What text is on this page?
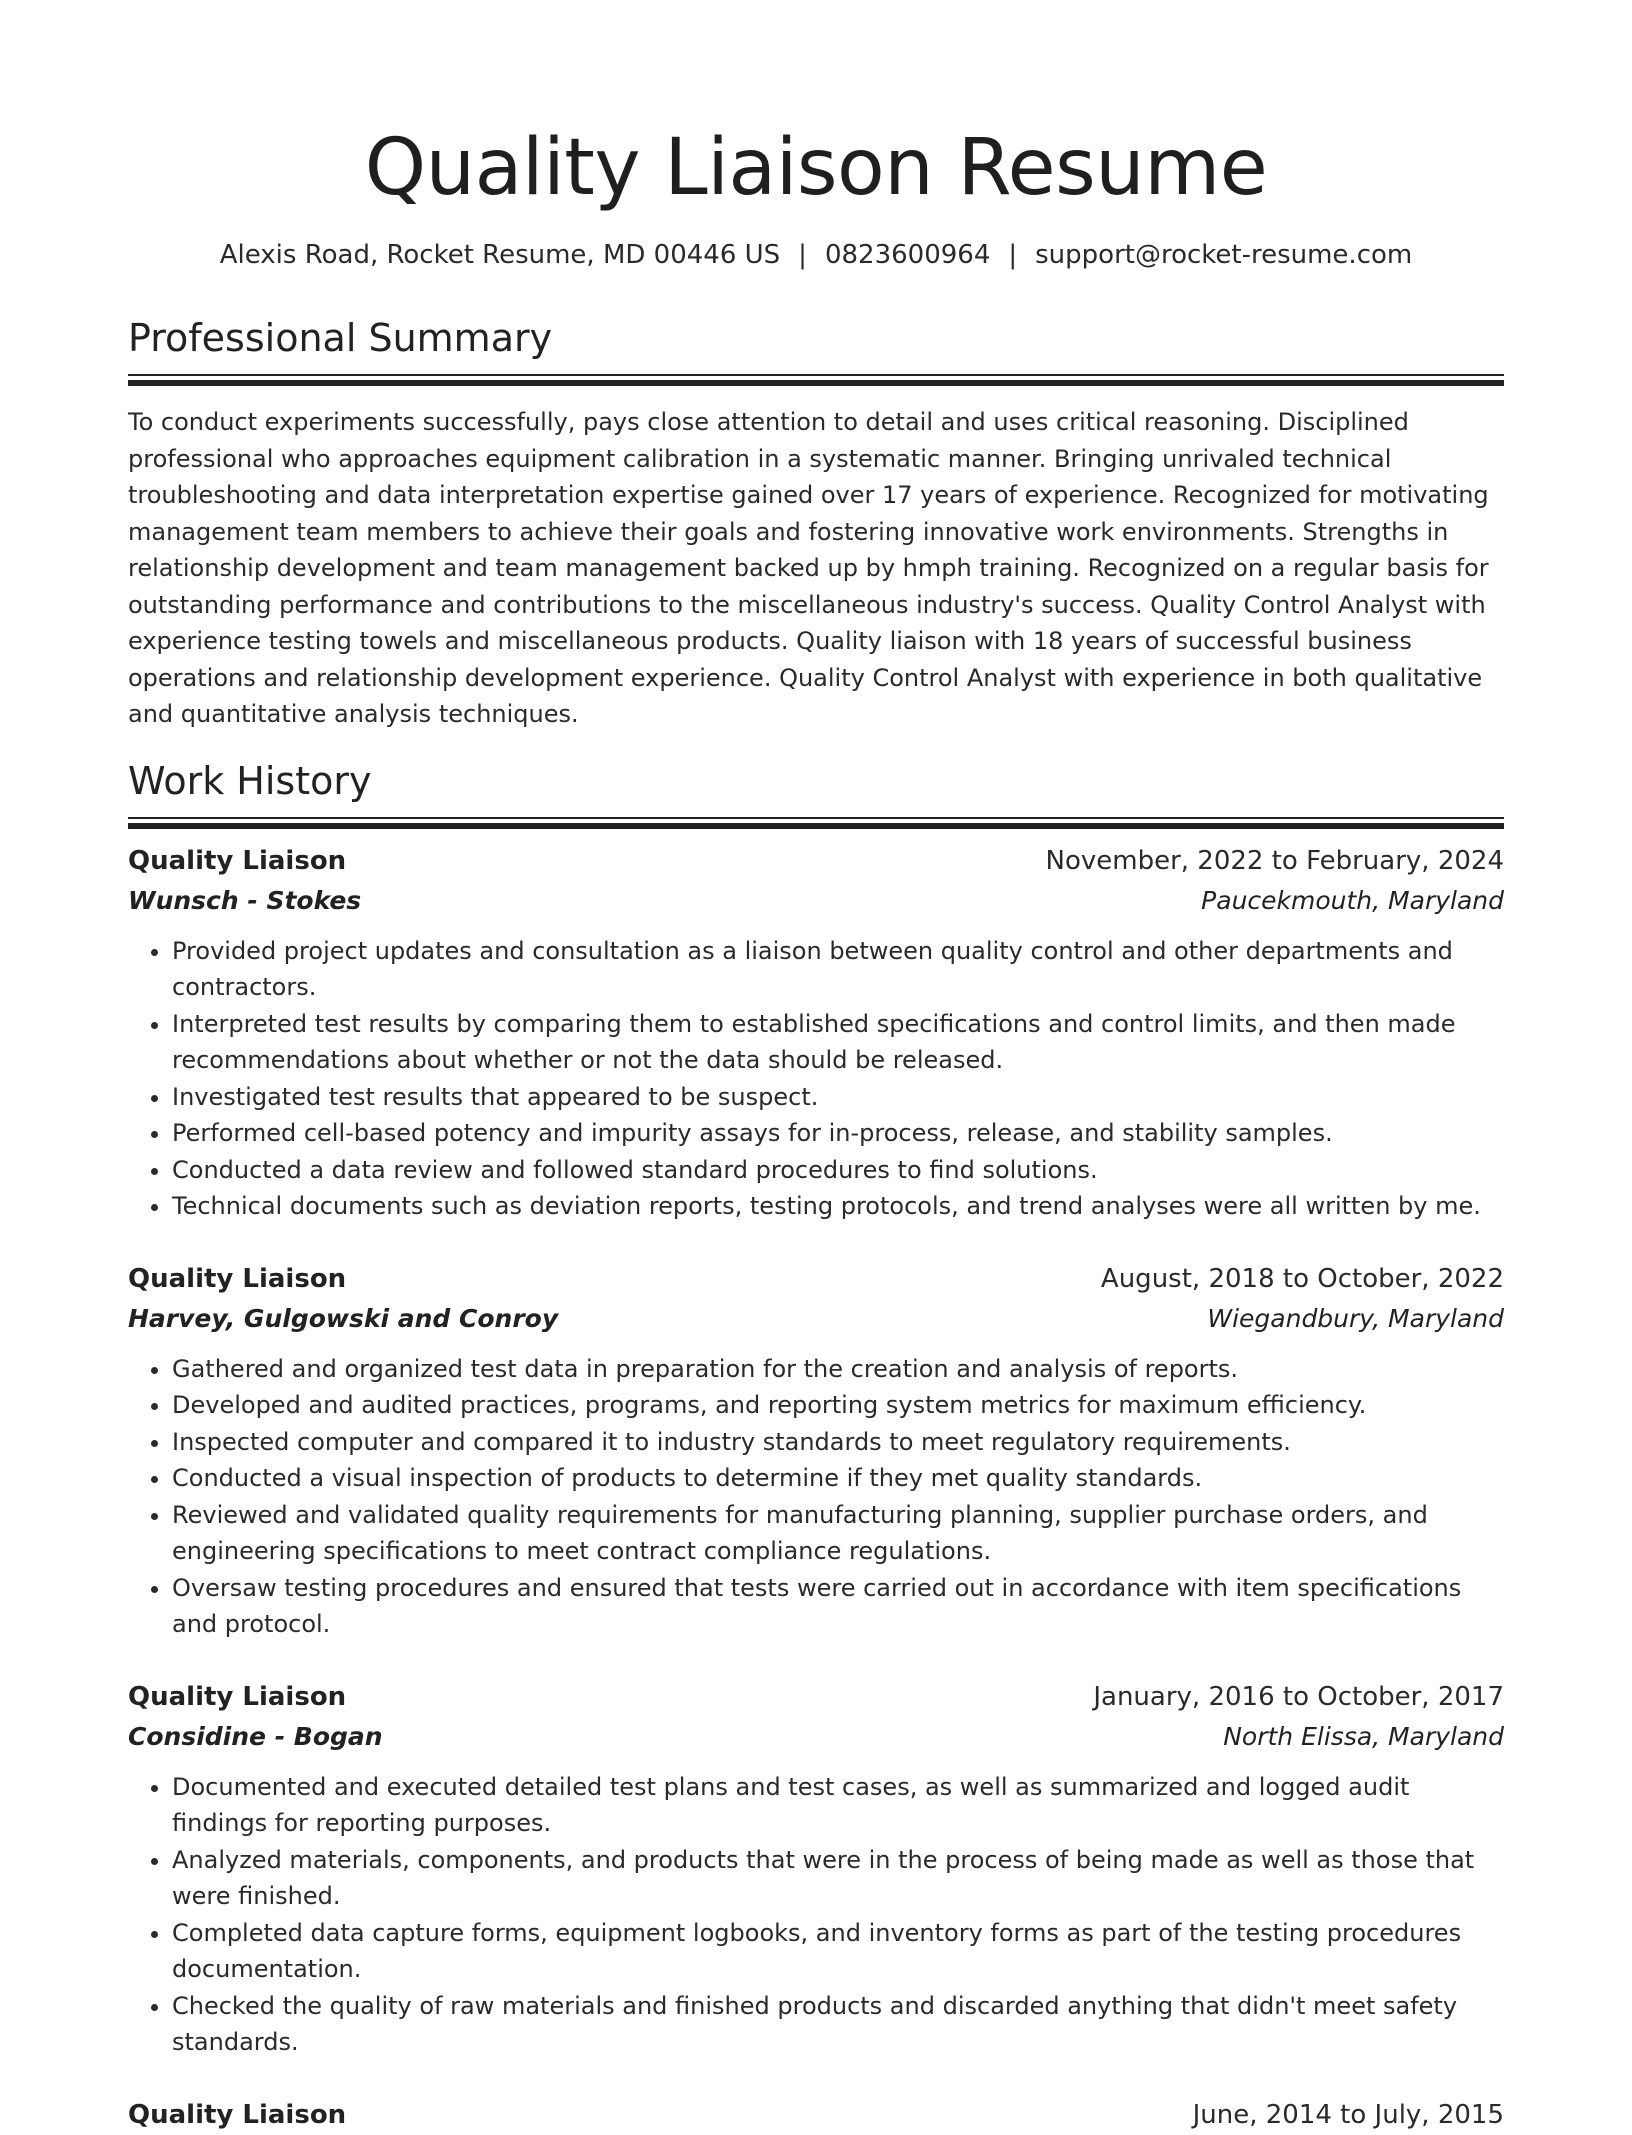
Quality Liaison Resume
Alexis Road, Rocket Resume, MD 00446 US | 0823600964 | support@rocket-resume.com
Professional Summary

To conduct experiments successfully, pays close attention to detail and uses critical reasoning. Disciplined professional who approaches equipment calibration in a systematic manner. Bringing unrivaled technical troubleshooting and data interpretation expertise gained over 17 years of experience. Recognized for motivating management team members to achieve their goals and fostering innovative work environments. Strengths in relationship development and team management backed up by hmph training. Recognized on a regular basis for outstanding performance and contributions to the miscellaneous industry's success. Quality Control Analyst with experience testing towels and miscellaneous products. Quality liaison with 18 years of successful business operations and relationship development experience. Quality Control Analyst with experience in both qualitative and quantitative analysis techniques.

Work History
Quality Liaison	November, 2022 to February, 2024
Wunsch - Stokes	Paucekmouth, Maryland
• Provided project updates and consultation as a liaison between quality control and other departments and contractors.
• Interpreted test results by comparing them to established specifications and control limits, and then made recommendations about whether or not the data should be released.
• Investigated test results that appeared to be suspect.
• Performed cell-based potency and impurity assays for in-process, release, and stability samples.
• Conducted a data review and followed standard procedures to find solutions.
• Technical documents such as deviation reports, testing protocols, and trend analyses were all written by me.
Quality Liaison	August, 2018 to October, 2022
Harvey, Gulgowski and Conroy	Wiegandbury, Maryland
• Gathered and organized test data in preparation for the creation and analysis of reports.
• Developed and audited practices, programs, and reporting system metrics for maximum efficiency.
• Inspected computer and compared it to industry standards to meet regulatory requirements.
• Conducted a visual inspection of products to determine if they met quality standards.
• Reviewed and validated quality requirements for manufacturing planning, supplier purchase orders, and engineering specifications to meet contract compliance regulations.
• Oversaw testing procedures and ensured that tests were carried out in accordance with item specifications and protocol.
Quality Liaison	January, 2016 to October, 2017
Considine - Bogan	North Elissa, Maryland
• Documented and executed detailed test plans and test cases, as well as summarized and logged audit findings for reporting purposes.
• Analyzed materials, components, and products that were in the process of being made as well as those that were finished.
• Completed data capture forms, equipment logbooks, and inventory forms as part of the testing procedures documentation.
• Checked the quality of raw materials and finished products and discarded anything that didn't meet safety standards.
Quality Liaison	June, 2014 to July, 2015
